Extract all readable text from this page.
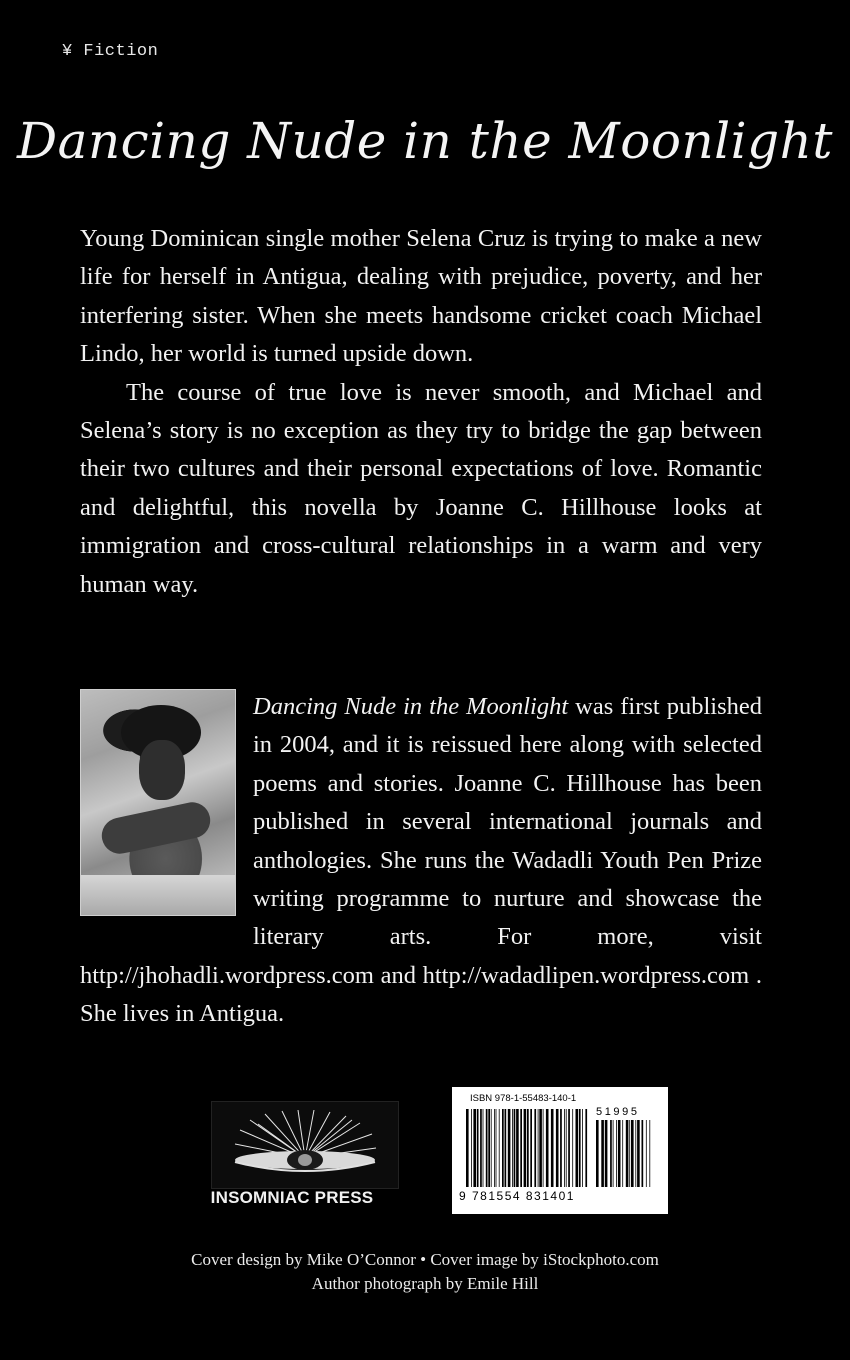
¥ Fiction
Dancing Nude in the Moonlight

Young Dominican single mother Selena Cruz is trying to make a new life for herself in Antigua, dealing with prejudice, poverty, and her interfering sister. When she meets handsome cricket coach Michael Lindo, her world is turned upside down.

The course of true love is never smooth, and Michael and Selena’s story is no exception as they try to bridge the gap between their two cultures and their personal expectations of love. Romantic and delightful, this novella by Joanne C. Hillhouse looks at immigration and cross-cultural relationships in a warm and very human way.

Dancing Nude in the Moonlight was first published in 2004, and it is reissued here along with selected poems and stories. Joanne C. Hillhouse has been published in several international journals and anthologies. She runs the Wadadli Youth Pen Prize writing programme to nurture and showcase the literary arts. For more, visit http://jhohadli.wordpress.com and http://wadadlipen.wordpress.com . She lives in Antigua.

INSOMNIAC PRESS
ISBN 978-1-55483-140-1
51995
9 781554 831401
Cover design by Mike O’Connor • Cover image by iStockphoto.com
Author photograph by Emile Hill
